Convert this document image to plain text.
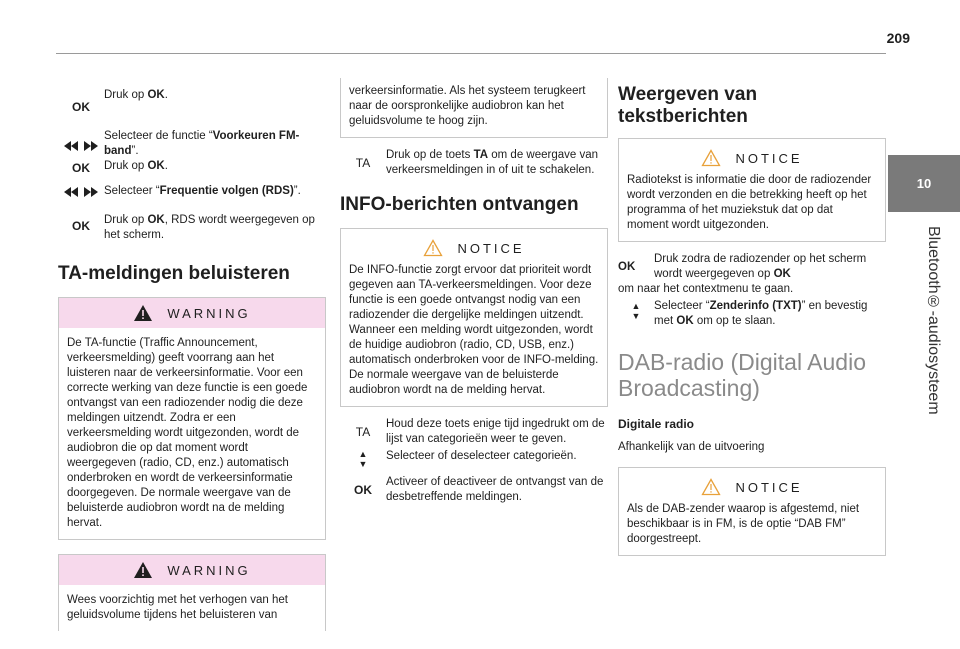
209
10
Bluetooth®-audiosysteem
OK
Druk op OK.
Selecteer de functie “Voorkeuren FM-band”.
OK	Druk op OK.
Selecteer “Frequentie volgen (RDS)”.
OK	Druk op OK, RDS wordt weergegeven op het scherm.
TA-meldingen beluisteren
WARNING
De TA-functie (Traffic Announcement, verkeersmelding) geeft voorrang aan het luisteren naar de verkeersinformatie. Voor een correcte werking van deze functie is een goede ontvangst van een radiozender nodig die deze meldingen uitzendt. Zodra er een verkeersmelding wordt uitgezonden, wordt de audiobron die op dat moment wordt weergegeven (radio, CD, enz.) automatisch onderbroken en wordt de verkeersinformatie doorgegeven. De normale weergave van de beluisterde audiobron wordt na de melding hervat.
WARNING
Wees voorzichtig met het verhogen van het geluidsvolume tijdens het beluisteren van
verkeersinformatie. Als het systeem terugkeert naar de oorspronkelijke audiobron kan het geluidsvolume te hoog zijn.
TA
Druk op de toets TA om de weergave van verkeersmeldingen in of uit te schakelen.
INFO-berichten ontvangen
NOTICE
De INFO-functie zorgt ervoor dat prioriteit wordt gegeven aan TA-verkeersmeldingen. Voor deze functie is een goede ontvangst nodig van een radiozender die dergelijke meldingen uitzendt. Wanneer een melding wordt uitgezonden, wordt de huidige audiobron (radio, CD, USB, enz.) automatisch onderbroken voor de INFO-melding. De normale weergave van de beluisterde audiobron wordt na de melding hervat.
TA
Houd deze toets enige tijd ingedrukt om de lijst van categorieën weer te geven.
▲
▼
Selecteer of deselecteer categorieën.
OK
Activeer of deactiveer de ontvangst van de desbetreffende meldingen.
Weergeven van tekstberichten
NOTICE
Radiotekst is informatie die door de radiozender wordt verzonden en die betrekking heeft op het programma of het muziekstuk dat op dat moment wordt uitgezonden.
OK
Druk zodra de radiozender op het scherm wordt weergegeven op OK
om naar het contextmenu te gaan.
▲
▼
Selecteer “Zenderinfo (TXT)” en bevestig met OK om op te slaan.
DAB-radio (Digital Audio Broadcasting)
Digitale radio
Afhankelijk van de uitvoering
NOTICE
Als de DAB-zender waarop is afgestemd, niet beschikbaar is in FM, is de optie “DAB FM” doorgestreept.
